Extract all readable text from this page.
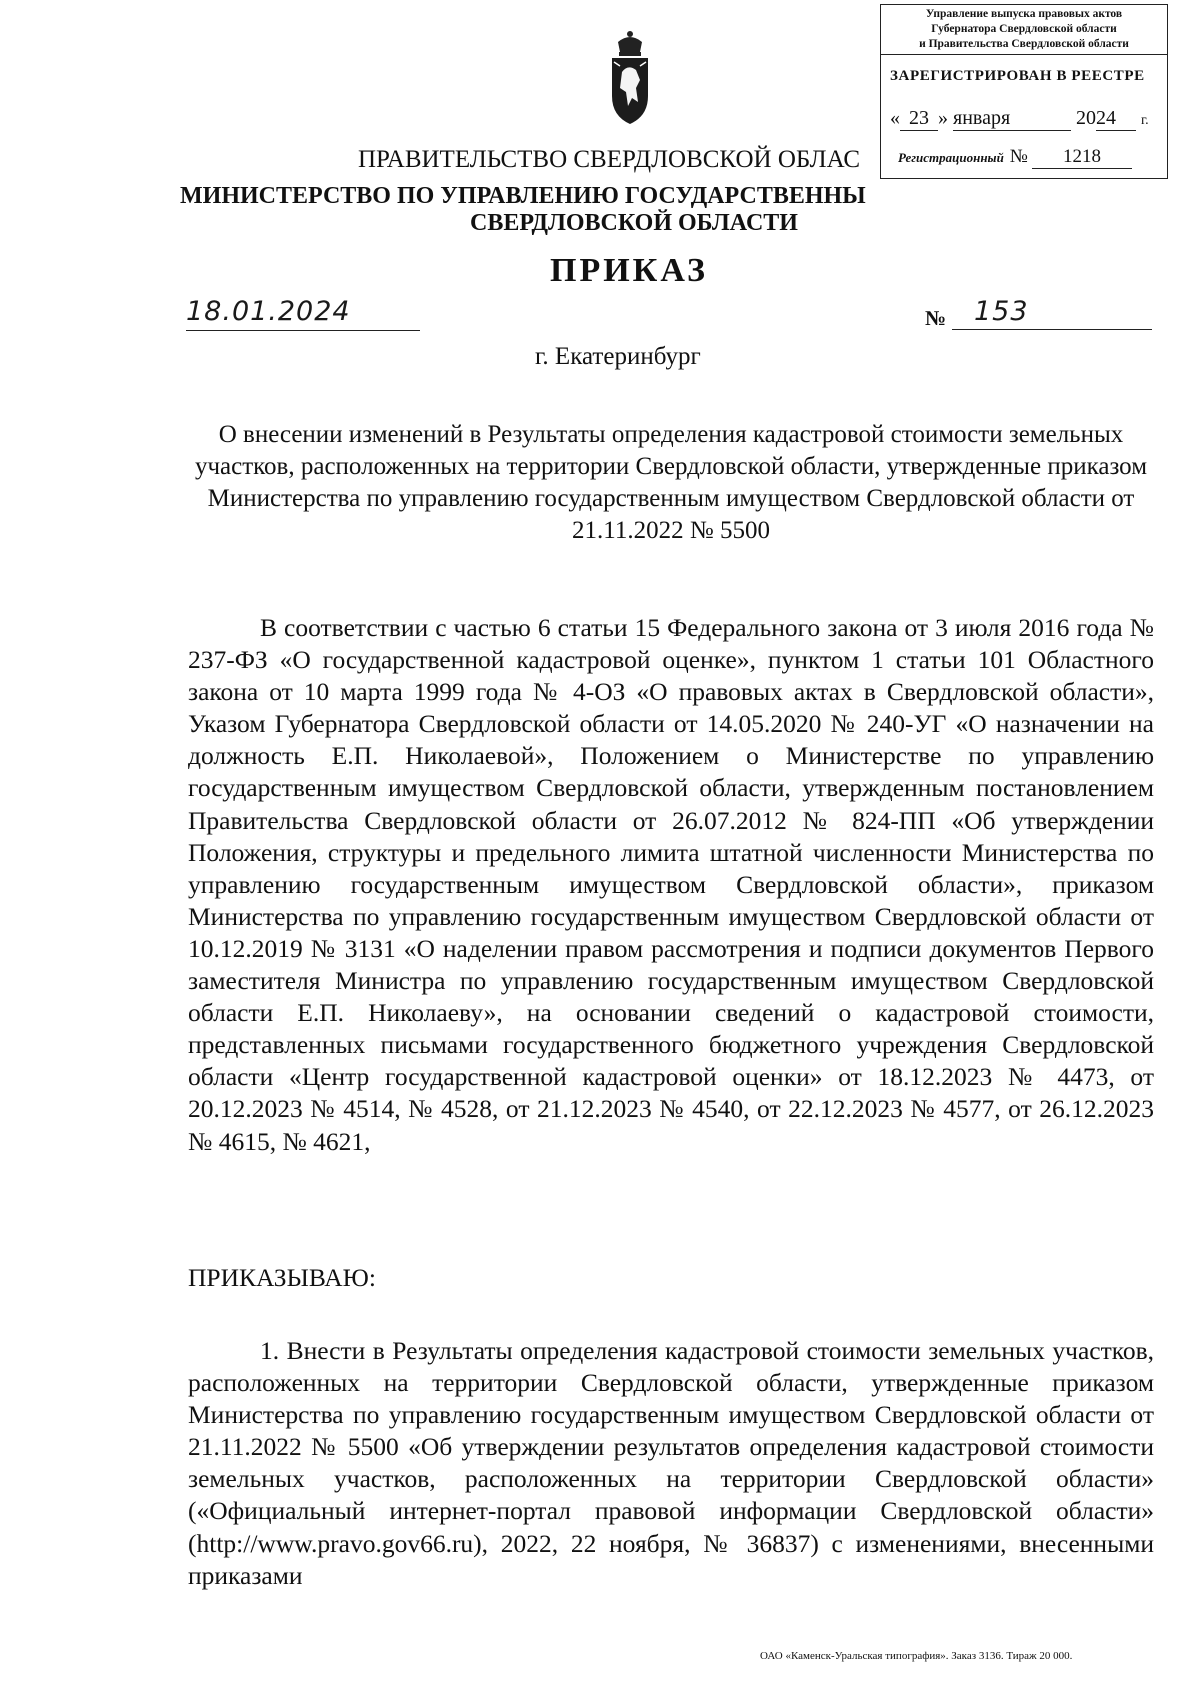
Управление выпуска правовых актов
Губернатора Свердловской области
и Правительства Свердловской области
ЗАРЕГИСТРИРОВАН В РЕЕСТРЕ
« 23 » января	2024 г.
Регистрационный № 1218
ПРАВИТЕЛЬСТВО СВЕРДЛОВСКОЙ ОБЛАС
МИНИСТЕРСТВО ПО УПРАВЛЕНИЮ ГОСУДАРСТВЕННЫ
СВЕРДЛОВСКОЙ ОБЛАСТИ
ПРИКАЗ
18.01.2024	№	153
г. Екатеринбург
О внесении изменений в Результаты определения кадастровой стоимости земельных участков, расположенных на территории Свердловской области, утвержденные приказом Министерства по управлению государственным имуществом Свердловской области от 21.11.2022 № 5500
В соответствии с частью 6 статьи 15 Федерального закона от 3 июля 2016 года № 237-ФЗ «О государственной кадастровой оценке», пунктом 1 статьи 101 Областного закона от 10 марта 1999 года № 4-ОЗ «О правовых актах в Свердловской области», Указом Губернатора Свердловской области от 14.05.2020 № 240-УГ «О назначении на должность Е.П. Николаевой», Положением о Министерстве по управлению государственным имуществом Свердловской области, утвержденным постановлением Правительства Свердловской области от 26.07.2012 № 824-ПП «Об утверждении Положения, структуры и предельного лимита штатной численности Министерства по управлению государственным имуществом Свердловской области», приказом Министерства по управлению государственным имуществом Свердловской области от 10.12.2019 № 3131 «О наделении правом рассмотрения и подписи документов Первого заместителя Министра по управлению государственным имуществом Свердловской области Е.П. Николаеву», на основании сведений о кадастровой стоимости, представленных письмами государственного бюджетного учреждения Свердловской области «Центр государственной кадастровой оценки» от 18.12.2023 № 4473, от 20.12.2023 № 4514, № 4528, от 21.12.2023 № 4540, от 22.12.2023 № 4577, от 26.12.2023 № 4615, № 4621,
ПРИКАЗЫВАЮ:
1. Внести в Результаты определения кадастровой стоимости земельных участков, расположенных на территории Свердловской области, утвержденные приказом Министерства по управлению государственным имуществом Свердловской области от 21.11.2022 № 5500 «Об утверждении результатов определения кадастровой стоимости земельных участков, расположенных на территории Свердловской области» («Официальный интернет-портал правовой информации Свердловской области» (http://www.pravo.gov66.ru), 2022, 22 ноября, № 36837) с изменениями, внесенными приказами
ОАО «Каменск-Уральская типография». Заказ 3136. Тираж 20 000.
